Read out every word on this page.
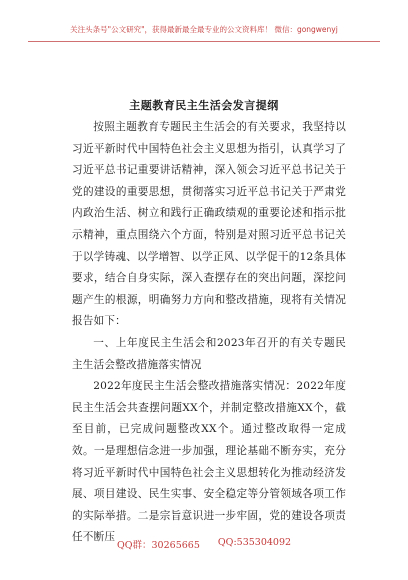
关注头条号"公文研究"，获得最新最全最专业的公文资料库！ 微信：gongwenyj
主题教育民主生活会发言提纲

按照主题教育专题民主生活会的有关要求，我坚持以习近平新时代中国特色社会主义思想为指引，认真学习了习近平总书记重要讲话精神，深入领会习近平总书记关于党的建设的重要思想，贯彻落实习近平总书记关于严肃党内政治生活、树立和践行正确政绩观的重要论述和指示批示精神，重点围绕六个方面，特别是对照习近平总书记关于以学铸魂、以学增智、以学正风、以学促干的12条具体要求，结合自身实际，深入查摆存在的突出问题，深挖问题产生的根源，明确努力方向和整改措施，现将有关情况报告如下：

一、上年度民主生活会和2023年召开的有关专题民主生活会整改措施落实情况

2022年度民主生活会整改措施落实情况：2022年度民主生活会共查摆问题XX个，并制定整改措施XX个，截至目前，已完成问题整改XX个。通过整改取得一定成效。一是理想信念进一步加强，理论基础不断夯实，充分将习近平新时代中国特色社会主义思想转化为推动经济发展、项目建设、民生实事、安全稳定等分管领域各项工作的实际举措。二是宗旨意识进一步牢固，党的建设各项责任不断压

QQ群：30265665 QQ:535304092
